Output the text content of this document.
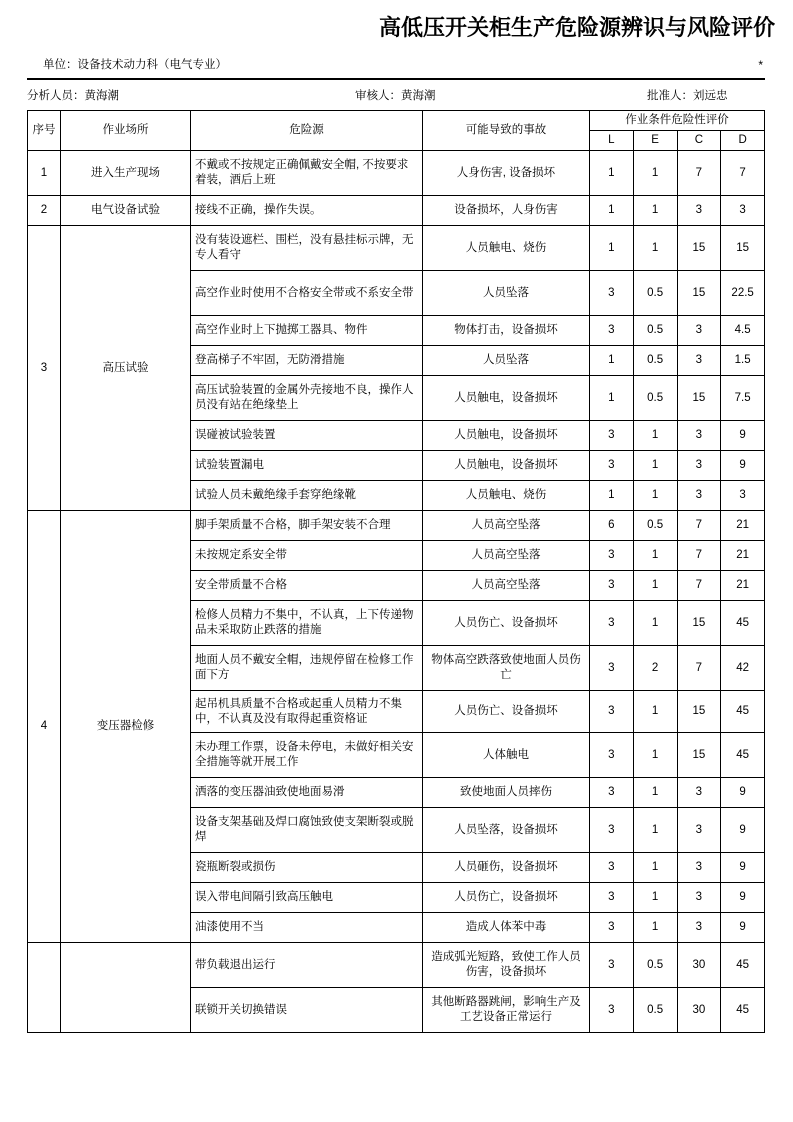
高低压开关柜生产危险源辨识与风险评价
单位：设备技术动力科（电气专业）	*
分析人员：黄海潮	审核人：黄海潮	批准人：刘远忠
序号	作业场所	危险源	可能导致的事故	作业条件危险性评价			
				L	E	C	D
1	进入生产现场	不戴或不按规定正确佩戴安全帽, 不按要求着装，酒后上班	人身伤害, 设备损坏	1	1	7	7
2	电气设备试验	接线不正确，操作失误。	设备损坏，人身伤害	1	1	3	3
3	高压试验	没有装设遮栏、围栏，没有悬挂标示牌，无专人看守	人员触电、烧伤	1	1	15	15
		高空作业时使用不合格安全带或不系安全带	人员坠落	3	0.5	15	22.5
		高空作业时上下抛掷工器具、物件	物体打击，设备损坏	3	0.5	3	4.5
		登高梯子不牢固，无防滑措施	人员坠落	1	0.5	3	1.5
		高压试验装置的金属外壳接地不良，操作人员没有站在绝缘垫上	人员触电，设备损坏	1	0.5	15	7.5
		误碰被试验装置	人员触电，设备损坏	3	1	3	9
		试验装置漏电	人员触电，设备损坏	3	1	3	9
		试验人员未戴绝缘手套穿绝缘靴	人员触电、烧伤	1	1	3	3
4	变压器检修	脚手架质量不合格，脚手架安装不合理	人员高空坠落	6	0.5	7	21
		未按规定系安全带	人员高空坠落	3	1	7	21
		安全带质量不合格	人员高空坠落	3	1	7	21
		检修人员精力不集中，不认真，上下传递物品未采取防止跌落的措施	人员伤亡、设备损坏	3	1	15	45
		地面人员不戴安全帽，违规停留在检修工作面下方	物体高空跌落致使地面人员伤亡	3	2	7	42
		起吊机具质量不合格或起重人员精力不集中，不认真及没有取得起重资格证	人员伤亡、设备损坏	3	1	15	45
		未办理工作票，设备未停电，未做好相关安全措施等就开展工作	人体触电	3	1	15	45
		洒落的变压器油致使地面易滑	致使地面人员摔伤	3	1	3	9
		设备支架基础及焊口腐蚀致使支架断裂或脱焊	人员坠落，设备损坏	3	1	3	9
		瓷瓶断裂或损伤	人员砸伤，设备损坏	3	1	3	9
		误入带电间隔引致高压触电	人员伤亡，设备损坏	3	1	3	9
		油漆使用不当	造成人体苯中毒	3	1	3	9
		带负载退出运行	造成弧光短路，致使工作人员伤害，设备损坏	3	0.5	30	45
		联锁开关切换错误	其他断路器跳闸，影响生产及工艺设备正常运行	3	0.5	30	45
